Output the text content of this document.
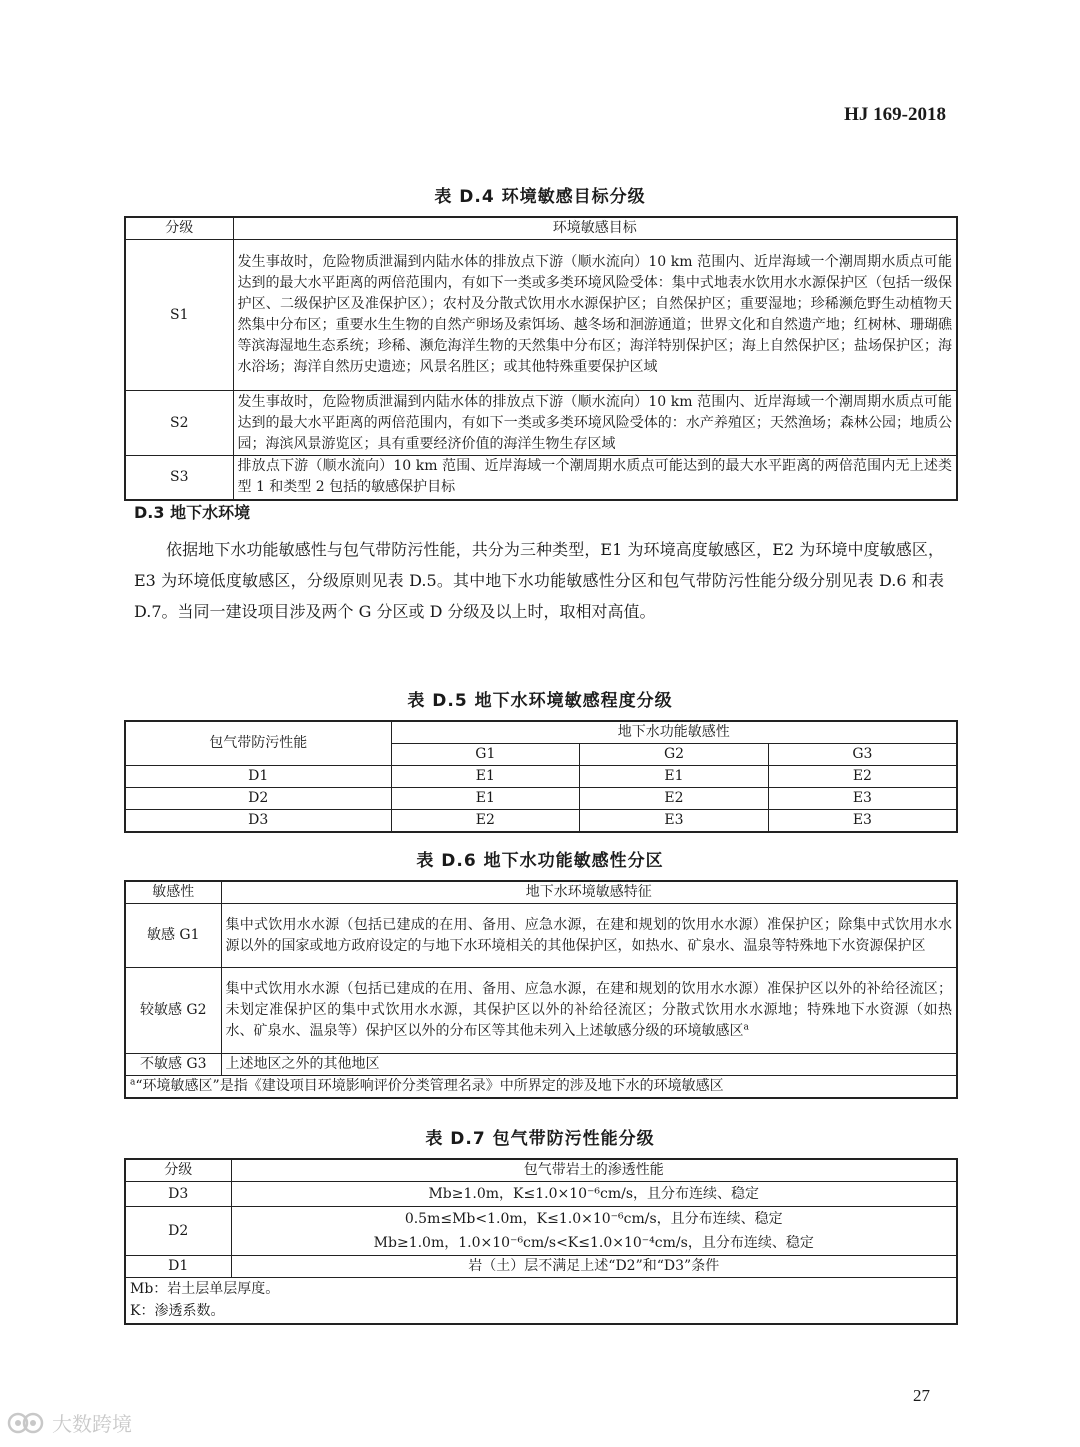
HJ 169-2018
表 D.4 环境敏感目标分级
分级	环境敏感目标
S1	发生事故时，危险物质泄漏到内陆水体的排放点下游（顺水流向）10 km 范围内、近岸海域一个潮周期水质点可能达到的最大水平距离的两倍范围内，有如下一类或多类环境风险受体：集中式地表水饮用水水源保护区（包括一级保护区、二级保护区及准保护区）；农村及分散式饮用水水源保护区；自然保护区；重要湿地；珍稀濒危野生动植物天然集中分布区；重要水生生物的自然产卵场及索饵场、越冬场和洄游通道；世界文化和自然遗产地；红树林、珊瑚礁等滨海湿地生态系统；珍稀、濒危海洋生物的天然集中分布区；海洋特别保护区；海上自然保护区；盐场保护区；海水浴场；海洋自然历史遗迹；风景名胜区；或其他特殊重要保护区域
S2	发生事故时，危险物质泄漏到内陆水体的排放点下游（顺水流向）10 km 范围内、近岸海域一个潮周期水质点可能达到的最大水平距离的两倍范围内，有如下一类或多类环境风险受体的：水产养殖区；天然渔场；森林公园；地质公园；海滨风景游览区；具有重要经济价值的海洋生物生存区域
S3	排放点下游（顺水流向）10 km 范围、近岸海域一个潮周期水质点可能达到的最大水平距离的两倍范围内无上述类型 1 和类型 2 包括的敏感保护目标
D.3 地下水环境

依据地下水功能敏感性与包气带防污性能，共分为三种类型，E1 为环境高度敏感区，E2 为环境中度敏感区，E3 为环境低度敏感区，分级原则见表 D.5。其中地下水功能敏感性分区和包气带防污性能分级分别见表 D.6 和表 D.7。当同一建设项目涉及两个 G 分区或 D 分级及以上时，取相对高值。

表 D.5 地下水环境敏感程度分级
包气带防污性能	地下水功能敏感性		
	G1	G2	G3
D1	E1	E1	E2
D2	E1	E2	E3
D3	E2	E3	E3
表 D.6 地下水功能敏感性分区
敏感性	地下水环境敏感特征
敏感 G1	集中式饮用水水源（包括已建成的在用、备用、应急水源，在建和规划的饮用水水源）准保护区；除集中式饮用水水源以外的国家或地方政府设定的与地下水环境相关的其他保护区，如热水、矿泉水、温泉等特殊地下水资源保护区
较敏感 G2	集中式饮用水水源（包括已建成的在用、备用、应急水源，在建和规划的饮用水水源）准保护区以外的补给径流区；未划定准保护区的集中式饮用水水源，其保护区以外的补给径流区；分散式饮用水水源地；特殊地下水资源（如热水、矿泉水、温泉等）保护区以外的分布区等其他未列入上述敏感分级的环境敏感区$^a$
不敏感 G3	上述地区之外的其他地区
$^a$“环境敏感区”是指《建设项目环境影响评价分类管理名录》中所界定的涉及地下水的环境敏感区	
表 D.7 包气带防污性能分级
分级	包气带岩土的渗透性能
D3	Mb≥1.0m，K≤1.0×10⁻⁶cm/s，且分布连续、稳定
D2	0.5m≤Mb<1.0m，K≤1.0×10⁻⁶cm/s，且分布连续、稳定
Mb≥1.0m，1.0×10⁻⁶cm/s<K≤1.0×10⁻⁴cm/s，且分布连续、稳定

D1	岩（土）层不满足上述“D2”和“D3”条件

Mb：岩土层单层厚度。
K：渗透系数。	
27
大数跨境
